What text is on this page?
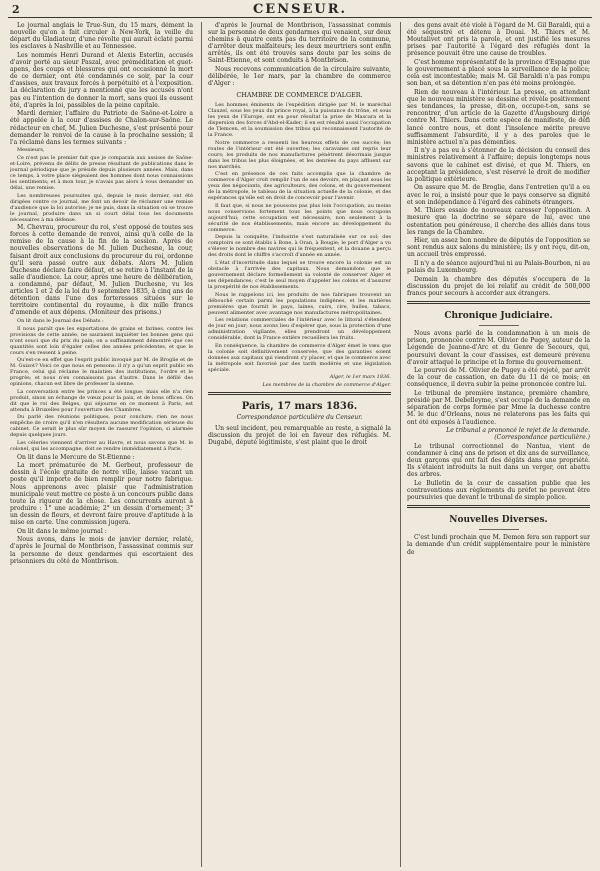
2	CENSEUR.

Le journal anglais le True-Sun, du 15 mars, dément la nouvelle qu'on a fait circuler à New-York, la veille du départ du Gladiateur, d'une révolte qui aurait éclaté parmi les esclaves à Nashville et au Tennessee.

Les nommés Henri Durand et Alexis Esterlin, accusés d'avoir porté au sieur Paszal, avec préméditation et guet-apens, des coups et blessures qui ont occasionné la mort de ce dernier, ont été condamnés ce soir, par la cour d'assises, aux travaux forcés à perpétuité et à l'exposition. La déclaration du jury a mentionné que les accusés n'ont pas eu l'intention de donner la mort, sans quoi ils eussent été, d'après la loi, passibles de la peine capitale.

Mardi dernier, l'affaire du Patriote de Saône-et-Loire a été appelée à la cour d'assises de Chalon-sur-Saône. Le rédacteur en chef, M. Julien Duchesne, s'est présenté pour demander le renvoi de la cause à la prochaine session; il l'a réclamé dans les termes suivants :

Messieurs,

Ce n'est pas le premier fait que je comparais aux assises de Saône-et-Loire, prévenu de délits de presse résultant de publications dans le journal périodique que je préside depuis plusieurs années. Mais, dans ce temps, à votre place siégeaient des hommes dont nous connaissions les sentiments; et à mon tour, je n'avais pas alors à vous demander un délai, une remise.

Les nombreuses poursuites qui, depuis le mois dernier, ont été dirigées contre ce journal, me font un devoir de réclamer une remise d'audience que la loi autorise; je ne puis, dans la situation où se trouve le journal, produire dans un si court délai tous les documents nécessaires à ma défense.

M. Chevrau, procureur du roi, s'est opposé de toutes ses forces à cette demande de renvoi, ainsi qu'à celle de la remise de la cause à la fin de la session. Après de nouvelles observations de M. Julien Duchesne, la cour, faisant droit aux conclusions du procureur du roi, ordonne qu'il sera passé outre aux débats. Alors M. Julien Duchesne déclare faire défaut, et se retire à l'instant de la salle d'audience. La cour, après une heure de délibération, a condamné, par défaut, M. Julien Duchesne, vu les articles 1 et 2 de la loi du 9 septembre 1835, à cinq ans de détention dans l'une des forteresses situées sur le territoire continental du royaume, à dix mille francs d'amende et aux dépens. (Moniteur des prisons.)

On lit dans le Journal des Débats :

Il nous paraît que les exportations de grains et farines, contre les provisions de cette année, ne sauraient inquiéter les bonnes gens qui n'ont souci que du prix du pain; on a suffisamment démontré que ces quantités sont loin d'égaler celles des années précédentes, et que le cours s'en ressent à peine.

Qu'est-ce en effet que l'esprit public invoqué par M. de Broglie et de M. Guizot? Voici ce que nous en pensons: il n'y a qu'un esprit public en France, celui qui réclame le maintien des institutions, l'ordre et le progrès; et nous n'en connaissons pas d'autre. Dans le défilé des opinions, chacun est libre de professer la sienne.

La conversation entre les princes a été longue; mais elle n'a rien produit, sinon un échange de vœux pour la paix, et de bons offices. On dit que le roi des Belges, qui séjourne en ce moment à Paris, est attendu à Bruxelles pour l'ouverture des Chambres.

Du parlé des réunions politiques, pour conclure, rien ne nous empêche de croire qu'il n'en résultera aucune modification sérieuse du cabinet. Ce serait le plus sûr moyen de rassurer l'opinion, si alarmée depuis quelques jours.

Les céleries viennent d'arriver au Havre, et nous savons que M. le colonel, qui les accompagne, doit se rendre immédiatement à Paris.

On lit dans le Mercure de St-Etienne :

La mort prématurée de M. Gerbout, professeur de dessin à l'école gratuite de notre ville, laisse vacant un poste qu'il importe de bien remplir pour notre fabrique. Nous apprenons avec plaisir que l'administration municipale veut mettre ce poste à un concours public dans toute la rigueur de la chose. Les concurrents auront à produire : 1° une académie; 2° un dessin d'ornement; 3° un dessin de fleurs, et devront faire preuve d'aptitude à la mise en carte. Une commission jugera.

On lit dans le même journal :

Nous avons, dans le mois de janvier dernier, relaté, d'après le Journal de Montbrison, l'assassinat commis sur la personne de deux gendarmes qui escortaient des prisonniers du côté de Montbrison.

d'après le Journal de Montbrison, l'assassinat commis sur la personne de deux gendarmes qui venaient, sur deux chemins à quatre cents pas du territoire de la commune, d'arrêter deux malfaiteurs; les deux meurtriers sont enfin arrêtés, ils ont été trouvés sans doute par les soins de Saint-Etienne, et sont conduits à Montbrison.

Nous recevons communication de la circulaire suivante, délibérée, le 1er mars, par la chambre de commerce d'Alger :

CHAMBRE DE COMMERCE D'ALGER.

Les hommes éminents de l'expédition dirigée par M. le maréchal Clauzel, sous les yeux du prince royal, à la puissance du trône, et sous les yeux de l'Europe, ont eu pour résultat la prise de Mascara et la dispersion des forces d'Abd-el-Kader; il en est résulté aussi l'occupation de Tlemcen, et la soumission des tribus qui reconnaissent l'autorité de la France.

Notre commerce a ressenti les heureux effets de ces succès; les routes de l'intérieur ont été ouvertes; les caravanes ont repris leur cours; les produits de nos manufactures pénètrent désormais jusque dans les tribus les plus éloignées, et les denrées du pays affluent sur nos marchés.

C'est en présence de ces faits accomplis que la chambre de commerce d'Alger croit remplir l'un de ses devoirs, en plaçant sous les yeux des négociants, des agriculteurs, des colons, et du gouvernement de la métropole, le tableau de la situation actuelle de la colonie, et des espérances qu'elle est en droit de concevoir pour l'avenir.

Il faut que, si nous ne poussons pas plus loin l'occupation, au moins nous conservions fortement tous les points que nous occupons aujourd'hui; cette occupation est nécessaire, non seulement à la sécurité de nos établissements, mais encore au développement du commerce.

Depuis la conquête, l'industrie s'est naturalisée sur ce sol; des comptoirs se sont établis à Bone, à Oran, à Bougie; le port d'Alger a vu s'élever le nombre des navires qui le fréquentent, et la douane a perçu des droits dont le chiffre s'accroît d'année en année.

L'état d'incertitude dans lequel se trouve encore la colonie est un obstacle à l'arrivée des capitaux. Nous demandons que le gouvernement déclare formellement sa volonté de conserver Alger et ses dépendances; c'est le seul moyen d'appeler les colons et d'assurer la prospérité de nos établissements.

Nous le rappelons ici, les produits de nos fabriques trouvent un débouché certain parmi les populations indigènes, et les matières premières que fournit le pays, laines, cuirs, cire, huiles, tabacs, peuvent alimenter avec avantage nos manufactures métropolitaines.

Les relations commerciales de l'intérieur avec le littoral s'étendent de jour en jour; nous avons lieu d'espérer que, sous la protection d'une administration vigilante, elles prendront un développement considérable, dont la France entière recueillera les fruits.

En conséquence, la chambre de commerce d'Alger émet le vœu que la colonie soit définitivement conservée, que des garanties soient données aux capitaux qui viendront s'y placer, et que le commerce avec la métropole soit favorisé par des tarifs modérés et une législation spéciale.

Alger, le 1er mars 1836.

Les membres de la chambre de commerce d'Alger.

Paris, 17 mars 1836.

Correspondance particulière du Censeur.

Un seul incident, peu remarquable au reste, a signalé la discussion du projet de loi en faveur des réfugiés. M. Dugabé, député légitimiste, s'est plaint que le droit

des gens avait été violé à l'égard de M. Gil Baraldi, qui a été séquestré et détenu à Douai. M. Thiers et M. Moutalivet ont pris la parole, et ont justifié les mesures prises par l'autorité à l'égard des réfugiés dont la présence pouvait être une cause de troubles.

C'est homme représentatif de la province d'Espagne que le gouvernement a placé sous la surveillance de la police; cela est incontestable; mais M. Gil Baraldi n'a pas rompu son ban, et sa détention n'en pas été moins prolongée.

Rien de nouveau à l'intérieur. La presse, en attendant que le nouveau ministère se dessine et révèle positivement ses tendances, la presse, dit-on, occupe-t-on, sans se rencontrer, d'un article de la Gazette d'Augsbourg dirigé contre M. Thiers. Dans cette espèce de manifeste, de défi lancé contre nous, et dont l'insolence mérite preuve suffisamment l'absurdité, il y a des paroles que le ministère actuel n'a pas démenties.

Il n'y a pas eu à s'étonner de la décision du conseil des ministres relativement à l'affaire; depuis longtemps nous savons que le cabinet est divisé, et que M. Thiers, en acceptant la présidence, s'est réservé le droit de modifier la politique extérieure.

On assure que M. de Broglie, dans l'entretien qu'il a eu avec le roi, a insisté pour que le pays conserve sa dignité et son indépendance à l'égard des cabinets étrangers.

M. Thiers essaie de nouveaux caresser l'opposition. A mesure que la doctrine se sépare de lui, avec une ostentation peu généreuse, il cherche des alliés dans tous les rangs de la Chambre.

Hier, un assez bon nombre de députés de l'opposition se sont rendus aux salons du ministère; ils y ont reçu, dit-on, un accueil très empressé.

Il n'y a de séance aujourd'hui ni au Palais-Bourbon, ni au palais du Luxembourg.

Demain la chambre des députés s'occupera de la discussion du projet de loi relatif au crédit de 500,000 francs pour secours à accorder aux étrangers.

Chronique Judiciaire.

Nous avons parlé de la condamnation à un mois de prison, prononcée contre M. Olivier de Pugey, auteur de la Légende de Jeanne-d'Arc et du Genre de Secours, qui, poursuivi devant la cour d'assises, est demeuré prévenu d'avoir attaqué le principe et la forme du gouvernement.

Le pourvoi de M. Olivier de Pugey a été rejeté, par arrêt de la cour de cassation, en date du 11 de ce mois; en conséquence, il devra subir la peine prononcée contre lui.

Le tribunal de première instance, première chambre, présidé par M. Debelleyme, s'est occupé de la demande en séparation de corps formée par Mme la duchesse contre M. le duc d'Orleans, nous ne relaterons pas les faits qui ont été exposés à l'audience.

Le tribunal a prononcé le rejet de la demande. (Correspondance particulière.)

Le tribunal correctionnel de Nantua, vient de condamner à cinq ans de prison et dix ans de surveillance, deux garçons qui ont fait des dégâts dans une propriété. Ils s'étaient introduits la nuit dans un verger, ont abattu des arbres.

Le Bulletin de la cour de cassation publie que les contraventions aux règlements du préfet ne peuvent être poursuivies que devant le tribunal de simple police.

Nouvelles Diverses.

C'est lundi prochain que M. Demon fera son rapport sur la demande d'un crédit supplémentaire pour le ministère de
